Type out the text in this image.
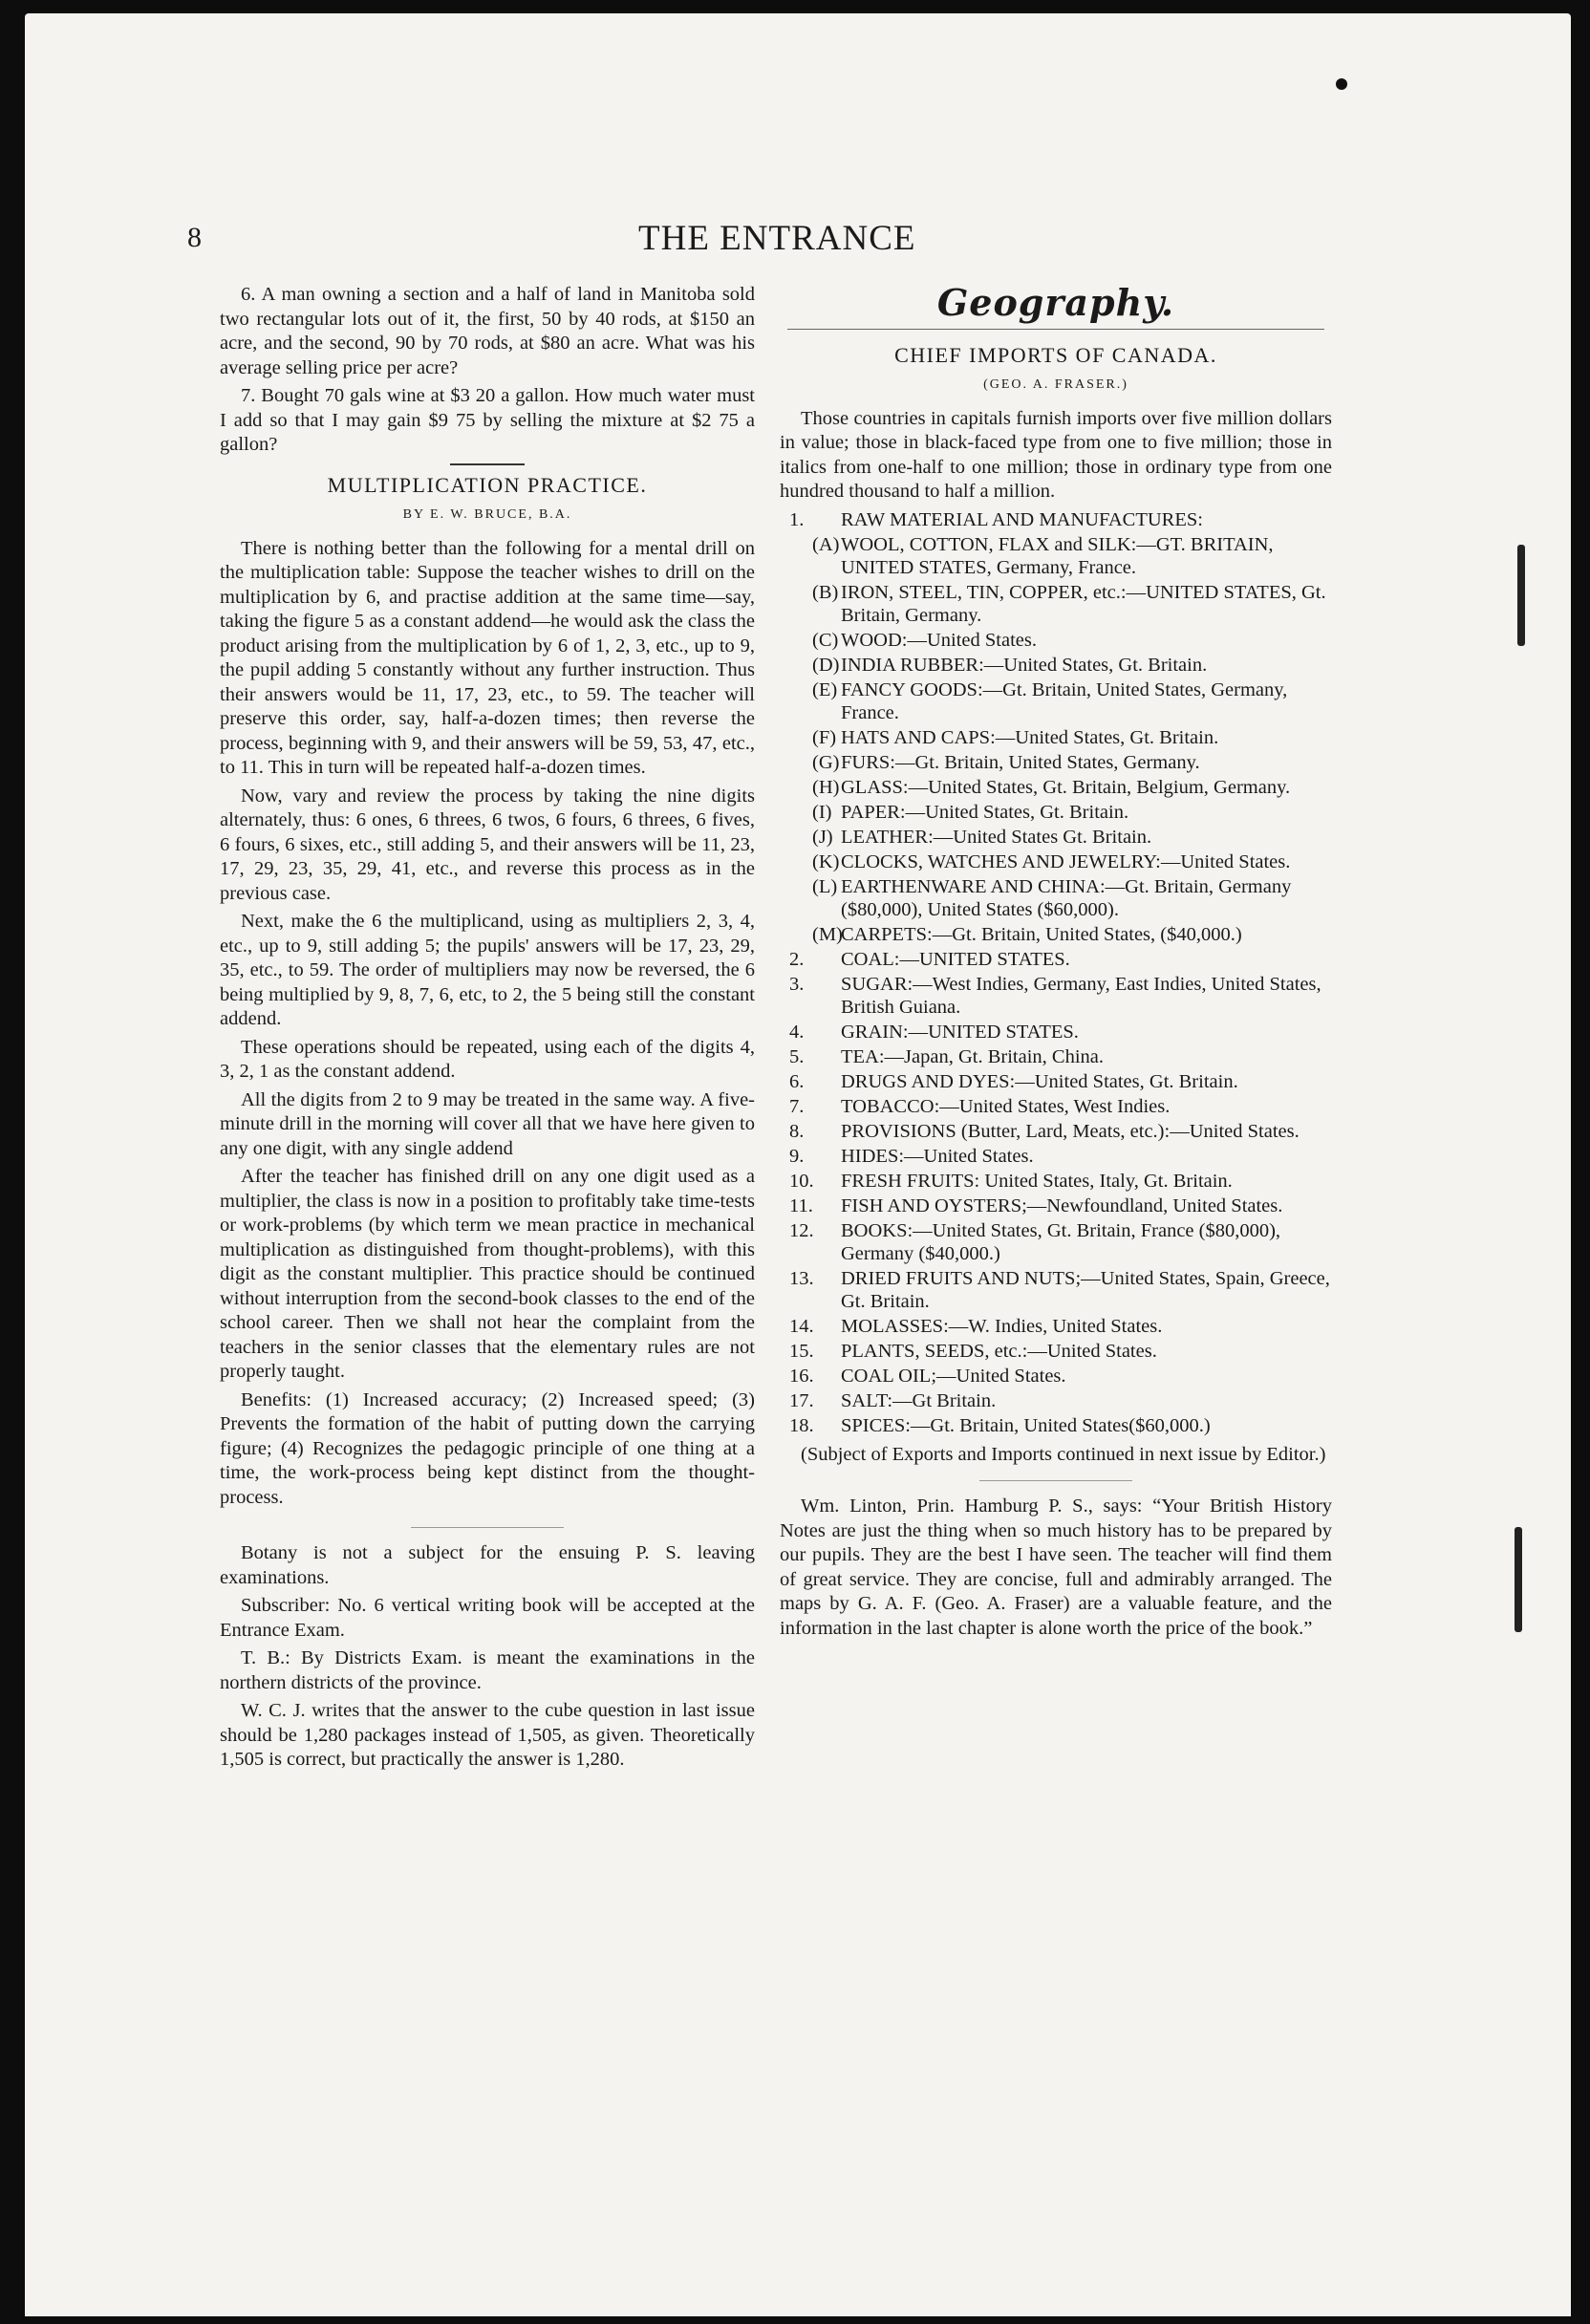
8	THE ENTRANCE

6. A man owning a section and a half of land in Manitoba sold two rectangular lots out of it, the first, 50 by 40 rods, at $150 an acre, and the second, 90 by 70 rods, at $80 an acre. What was his average selling price per acre?

7. Bought 70 gals wine at $3 20 a gallon. How much water must I add so that I may gain $9 75 by selling the mixture at $2 75 a gallon?

MULTIPLICATION PRACTICE.
BY E. W. BRUCE, B.A.

There is nothing better than the following for a mental drill on the multiplication table: Suppose the teacher wishes to drill on the multiplication by 6, and practise addition at the same time—say, taking the figure 5 as a constant addend—he would ask the class the product arising from the multiplication by 6 of 1, 2, 3, etc., up to 9, the pupil adding 5 constantly without any further instruction. Thus their answers would be 11, 17, 23, etc., to 59. The teacher will preserve this order, say, half-a-dozen times; then reverse the process, beginning with 9, and their answers will be 59, 53, 47, etc., to 11. This in turn will be repeated half-a-dozen times.

Now, vary and review the process by taking the nine digits alternately, thus: 6 ones, 6 threes, 6 twos, 6 fours, 6 threes, 6 fives, 6 fours, 6 sixes, etc., still adding 5, and their answers will be 11, 23, 17, 29, 23, 35, 29, 41, etc., and reverse this process as in the previous case.

Next, make the 6 the multiplicand, using as multipliers 2, 3, 4, etc., up to 9, still adding 5; the pupils' answers will be 17, 23, 29, 35, etc., to 59. The order of multipliers may now be reversed, the 6 being multiplied by 9, 8, 7, 6, etc, to 2, the 5 being still the constant addend.

These operations should be repeated, using each of the digits 4, 3, 2, 1 as the constant addend.

All the digits from 2 to 9 may be treated in the same way. A five-minute drill in the morning will cover all that we have here given to any one digit, with any single addend

After the teacher has finished drill on any one digit used as a multiplier, the class is now in a position to profitably take time-tests or work-problems (by which term we mean practice in mechanical multiplication as distinguished from thought-problems), with this digit as the constant multiplier. This practice should be continued without interruption from the second-book classes to the end of the school career. Then we shall not hear the complaint from the teachers in the senior classes that the elementary rules are not properly taught.

Benefits: (1) Increased accuracy; (2) Increased speed; (3) Prevents the formation of the habit of putting down the carrying figure; (4) Recognizes the pedagogic principle of one thing at a time, the work-process being kept distinct from the thought-process.

Botany is not a subject for the ensuing P. S. leaving examinations.

Subscriber: No. 6 vertical writing book will be accepted at the Entrance Exam.

T. B.: By Districts Exam. is meant the examinations in the northern districts of the province.

W. C. J. writes that the answer to the cube question in last issue should be 1,280 packages instead of 1,505, as given. Theoretically 1,505 is correct, but practically the answer is 1,280.

Geography.
CHIEF IMPORTS OF CANADA.
(GEO. A. FRASER.)

Those countries in capitals furnish imports over five million dollars in value; those in black-faced type from one to five million; those in italics from one-half to one million; those in ordinary type from one hundred thousand to half a million.

1.	RAW MATERIAL AND MANUFACTURES:
(A) WOOL, COTTON, FLAX and SILK:—GT. BRITAIN, UNITED STATES, Germany, France.
(B) IRON, STEEL, TIN, COPPER, etc.:—UNITED STATES, Gt. Britain, Germany.
(C) WOOD:—United States.
(D) INDIA RUBBER:—United States, Gt. Britain.
(E) FANCY GOODS:—Gt. Britain, United States, Germany, France.
(F) HATS AND CAPS:—United States, Gt. Britain.
(G) FURS:—Gt. Britain, United States, Germany.
(H) GLASS:—United States, Gt. Britain, Belgium, Germany.
(I) PAPER:—United States, Gt. Britain.
(J) LEATHER:—United States Gt. Britain.
(K) CLOCKS, WATCHES AND JEWELRY:—United States.
(L) EARTHENWARE AND CHINA:—Gt. Britain, Germany ($80,000), United States ($60,000).
(M)
CARPETS:—Gt. Britain, United States, ($40,000.)
2.	COAL:—UNITED STATES.
3.	SUGAR:—West Indies, Germany, East Indies, United States, British Guiana.
4.	GRAIN:—UNITED STATES.
5.	TEA:—Japan, Gt. Britain, China.
6.	DRUGS AND DYES:—United States, Gt. Britain.
7.	TOBACCO:—United States, West Indies.
8.	PROVISIONS (Butter, Lard, Meats, etc.):—United States.
9.	HIDES:—United States.
10.	FRESH FRUITS: United States, Italy, Gt. Britain.
11.	FISH AND OYSTERS;—Newfoundland, United States.
12.	BOOKS:—United States, Gt. Britain, France ($80,000), Germany ($40,000.)
13.	DRIED FRUITS AND NUTS;—United States, Spain, Greece, Gt. Britain.
14.	MOLASSES:—W. Indies, United States.
15.	PLANTS, SEEDS, etc.:—United States.
16.	COAL OIL;—United States.
17.	SALT:—Gt Britain.
18.	SPICES:—Gt. Britain, United States($60,000.)

(Subject of Exports and Imports continued in next issue by Editor.)

Wm. Linton, Prin. Hamburg P. S., says: “Your British History Notes are just the thing when so much history has to be prepared by our pupils. They are the best I have seen. The teacher will find them of great service. They are concise, full and admirably arranged. The maps by G. A. F. (Geo. A. Fraser) are a valuable feature, and the information in the last chapter is alone worth the price of the book.”
